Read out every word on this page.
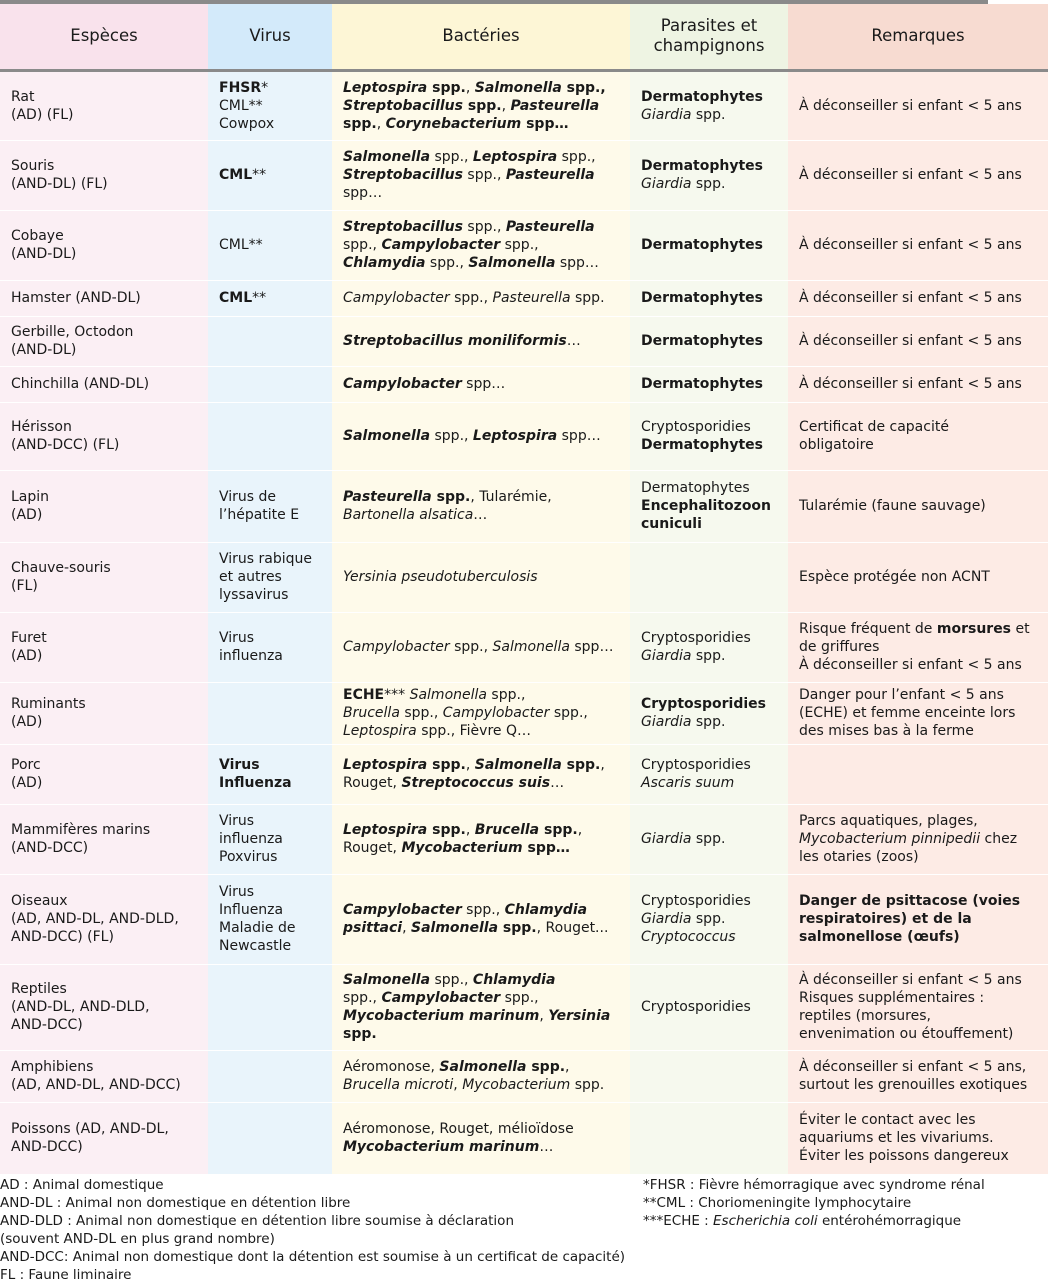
Espèces	Virus	Bactéries	Parasites et
champignons	Remarques

Rat
(AD) (FL)	FHSR*
CML**
Cowpox	Leptospira spp., Salmonella spp.,
Streptobacillus spp., Pasteurella
spp., Corynebacterium spp…	Dermatophytes
Giardia spp.	À déconseiller si enfant < 5 ans

Souris
(AND-DL) (FL)	CML**	Salmonella spp., Leptospira spp.,
Streptobacillus spp., Pasteurella
spp…	Dermatophytes
Giardia spp.	À déconseiller si enfant < 5 ans

Cobaye
(AND-DL)	CML**	Streptobacillus spp., Pasteurella
spp., Campylobacter spp.,
Chlamydia spp., Salmonella spp…	Dermatophytes	À déconseiller si enfant < 5 ans

Hamster (AND-DL)	CML**	Campylobacter spp., Pasteurella spp.	Dermatophytes	À déconseiller si enfant < 5 ans

Gerbille, Octodon
(AND-DL)		Streptobacillus moniliformis…	Dermatophytes	À déconseiller si enfant < 5 ans

Chinchilla (AND-DL)		Campylobacter spp…	Dermatophytes	À déconseiller si enfant < 5 ans

Hérisson
(AND-DCC) (FL)		Salmonella spp., Leptospira spp…	Cryptosporidies
Dermatophytes	Certificat de capacité
obligatoire

Lapin
(AD)	Virus de
l’hépatite E	Pasteurella spp., Tularémie,
Bartonella alsatica…	Dermatophytes
Encephalitozoon
cuniculi	Tularémie (faune sauvage)

Chauve-souris
(FL)	Virus rabique
et autres
lyssavirus	Yersinia pseudotuberculosis		Espèce protégée non ACNT

Furet
(AD)	Virus
influenza	Campylobacter spp., Salmonella spp…	Cryptosporidies
Giardia spp.	Risque fréquent de morsures et
de griffures
À déconseiller si enfant < 5 ans

Ruminants
(AD)		ECHE*** Salmonella spp.,
Brucella spp., Campylobacter spp.,
Leptospira spp., Fièvre Q…	Cryptosporidies
Giardia spp.	Danger pour l’enfant < 5 ans
(ECHE) et femme enceinte lors
des mises bas à la ferme

Porc
(AD)	Virus
Influenza	Leptospira spp., Salmonella spp.,
Rouget, Streptococcus suis…	Cryptosporidies
Ascaris suum	

Mammifères marins
(AND-DCC)	Virus
influenza
Poxvirus	Leptospira spp., Brucella spp.,
Rouget, Mycobacterium spp…	Giardia spp.	Parcs aquatiques, plages,
Mycobacterium pinnipedii chez
les otaries (zoos)

Oiseaux
(AD, AND-DL, AND-DLD,
AND-DCC) (FL)	Virus
Influenza
Maladie de
Newcastle	Campylobacter spp., Chlamydia
psittaci, Salmonella spp., Rouget...	Cryptosporidies
Giardia spp.
Cryptococcus	Danger de psittacose (voies
respiratoires) et de la
salmonellose (œufs)

Reptiles
(AND-DL, AND-DLD,
AND-DCC)		Salmonella spp., Chlamydia
spp., Campylobacter spp.,
Mycobacterium marinum, Yersinia
spp.	Cryptosporidies	À déconseiller si enfant < 5 ans
Risques supplémentaires :
reptiles (morsures,
envenimation ou étouffement)

Amphibiens
(AD, AND-DL, AND-DCC)		Aéromonose, Salmonella spp.,
Brucella microti, Mycobacterium spp.		À déconseiller si enfant < 5 ans,
surtout les grenouilles exotiques

Poissons (AD, AND-DL,
AND-DCC)		Aéromonose, Rouget, mélioïdose
Mycobacterium marinum…		Éviter le contact avec les
aquariums et les vivariums.
Éviter les poissons dangereux
AD : Animal domestique
AND-DL : Animal non domestique en détention libre
AND-DLD : Animal non domestique en détention libre soumise à déclaration
(souvent AND-DL en plus grand nombre)
AND-DCC: Animal non domestique dont la détention est soumise à un certificat de capacité)
FL : Faune liminaire
*FHSR : Fièvre hémorragique avec syndrome rénal
**CML : Choriomeningite lymphocytaire
***ECHE : Escherichia coli entérohémorragique
